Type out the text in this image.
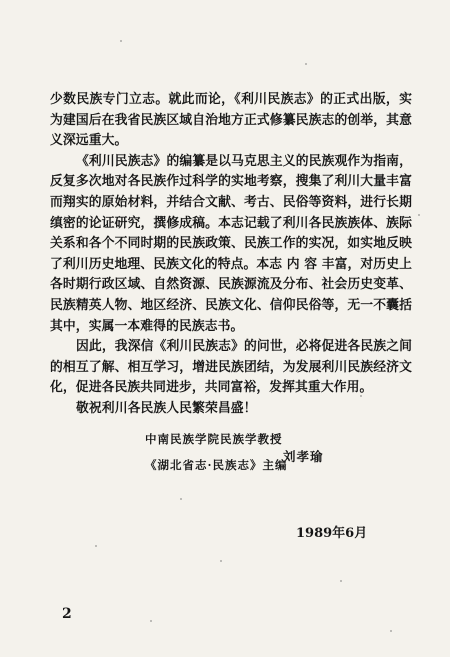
少数民族专门立志。就此而论，《利川民族志》的正式出版，实为建国后在我省民族区域自治地方正式修纂民族志的创举，其意义深远重大。

《利川民族志》的编纂是以马克思主义的民族观作为指南，反复多次地对各民族作过科学的实地考察，搜集了利川大量丰富而翔实的原始材料，并结合文献、考古、民俗等资料，进行长期缜密的论证研究，撰修成稿。本志记载了利川各民族族体、族际关系和各个不同时期的民族政策、民族工作的实况，如实地反映了利川历史地理、民族文化的特点。本志 内 容 丰富，对历史上各时期行政区域、自然资源、民族源流及分布、社会历史变革、民族精英人物、地区经济、民族文化、信仰民俗等，无一不囊括其中，实属一本难得的民族志书。

因此，我深信《利川民族志》的问世，必将促进各民族之间的相互了解、相互学习，增进民族团结，为发展利川民族经济文化，促进各民族共同进步，共同富裕，发挥其重大作用。

敬祝利川各民族人民繁荣昌盛！

中南民族学院民族学教授
《湖北省志·民族志》主编
刘孝瑜
1989年6月
2
